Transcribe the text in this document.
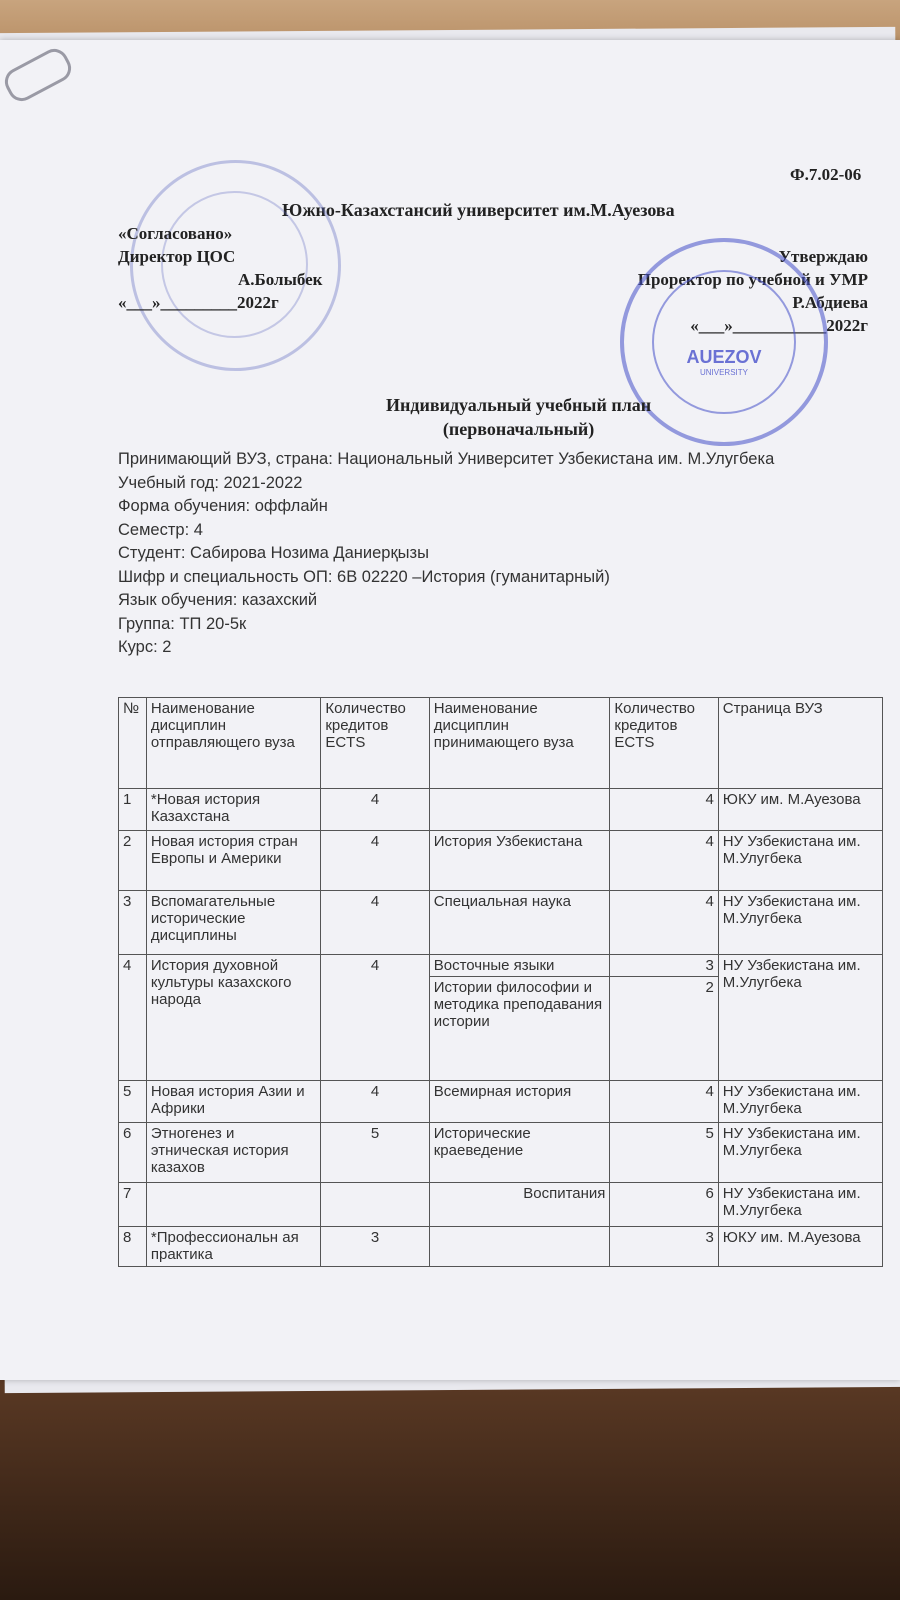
Ф.7.02-06
Южно-Казахстансий университет им.М.Ауезова
«Согласовано»
Директор ЦОС
А.Болыбек
«___»_________2022г
Утверждаю
Проректор по учебной и УМР
Р.Абдиева
«___»___________2022г
AUEZOV
UNIVERSITY
Индивидуальный учебный план
(первоначальный)
Принимающий ВУЗ, страна: Национальный Университет Узбекистана им. М.Улугбека
Учебный год: 2021-2022
Форма обучения: оффлайн
Семестр: 4
Студент: Сабирова Нозима Даниерқызы
Шифр и специальность ОП: 6В 02220 –История (гуманитарный)
Язык обучения: казахский
Группа: ТП 20-5к
Курс: 2
№	Наименование дисциплин отправляющего вуза	Количество кредитов ECTS	Наименование дисциплин принимающего вуза	Количество кредитов ECTS	Страница ВУЗ
1	*Новая история Казахстана	4		4	ЮКУ им. М.Ауезова
2	Новая история стран Европы и Америки	4	История Узбекистана	4	НУ Узбекистана им. М.Улугбека
3	Вспомагательные исторические дисциплины	4	Специальная наука	4	НУ Узбекистана им. М.Улугбека
4	История духовной культуры казахского народа	4	Восточные языки	3	НУ Узбекистана им. М.Улугбека
			Истории философии и методика преподавания истории	2	
5	Новая история Азии и Африки	4	Всемирная история	4	НУ Узбекистана им. М.Улугбека
6	Этногенез и этническая история казахов	5	Исторические краеведение	5	НУ Узбекистана им. М.Улугбека
7			Воспитания	6	НУ Узбекистана им. М.Улугбека
8	*Профессиональн ая практика	3		3	ЮКУ им. М.Ауезова
